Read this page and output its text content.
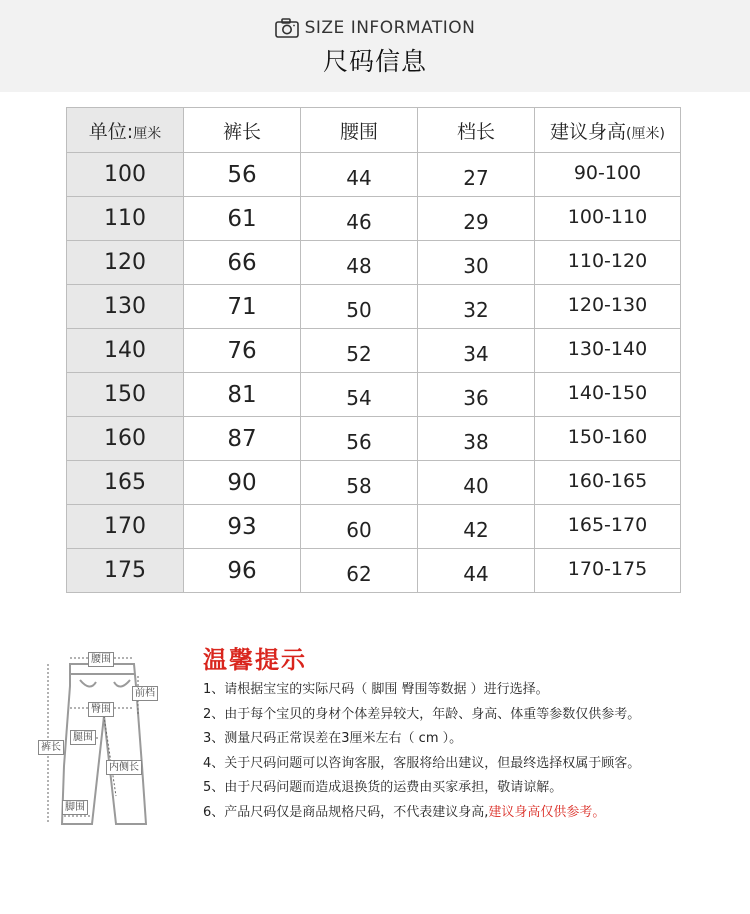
SIZE INFORMATION
尺码信息
单位:厘米	裤长	腰围	档长	建议身高(厘米)
100	56	44	27	90-100
110	61	46	29	100-110
120	66	48	30	110-120
130	71	50	32	120-130
140	76	52	34	130-140
150	81	54	36	140-150
160	87	56	38	150-160
165	90	58	40	160-165
170	93	60	42	165-170
175	96	62	44	170-175
腰围
前档
臀围
腿围
裤长
内侧长
脚围
温馨提示
1、请根据宝宝的实际尺码（ 脚围 臀围等数据 ）进行选择。
2、由于每个宝贝的身材个体差异较大，年龄、身高、体重等参数仅供参考。
3、测量尺码正常误差在3厘米左右（ cm ）。
4、关于尺码问题可以咨询客服，客服将给出建议，但最终选择权属于顾客。
5、由于尺码问题而造成退换货的运费由买家承担，敬请谅解。
6、产品尺码仅是商品规格尺码，不代表建议身高,建议身高仅供参考。
